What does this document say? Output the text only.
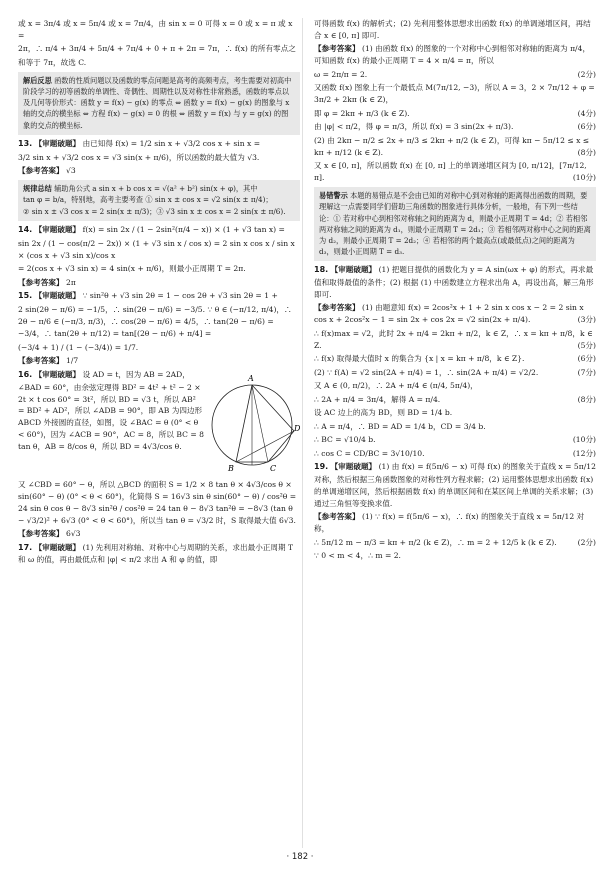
或 x = 3π/4 或 x = 5π/4 或 x = 7π/4，由 sin x = 0 可得 x = 0 或 x = π 或 x =

2π，∴ π/4 + 3π/4 + 5π/4 + 7π/4 + 0 + π + 2π = 7π，∴ f(x) 的所有零点之

和等于 7π，故选 C.

解后反思 函数的性质问题以及函数的零点问题是高考的高频考点，考生需要对初高中阶段学习的初等函数的单调性、奇偶性、周期性以及对称性非常熟悉，函数的零点以及几何等价形式：函数 y = f(x) − g(x) 的零点 ⇔ 函数 y = f(x) − g(x) 的图象与 x 轴的交点的横坐标 ⇔ 方程 f(x) − g(x) = 0 的根 ⇔ 函数 y = f(x) 与 y = g(x) 的图象的交点的横坐标.

13. 【审题破题】 由已知得 f(x) = 1/2 sin x + √3/2 cos x + sin x =

3/2 sin x + √3/2 cos x = √3 sin(x + π/6)，所以函数的最大值为 √3.

【参考答案】 √3

规律总结 辅助角公式 a sin x + b cos x = √(a² + b²) sin(x + φ)，其中
tan φ = b/a，特别地，高考主要考查 ① sin x ± cos x = √2 sin(x ± π/4)；
② sin x ± √3 cos x = 2 sin(x ± π/3)；③ √3 sin x ± cos x = 2 sin(x ± π/6).

14. 【审题破题】 f(x) = sin 2x / (1 − 2sin²(π/4 − x)) × (1 + √3 tan x) =

sin 2x / (1 − cos(π/2 − 2x)) × (1 + √3 sin x / cos x) = 2 sin x cos x / sin x × (cos x + √3 sin x)/cos x

= 2(cos x + √3 sin x) = 4 sin(x + π/6)，则最小正周期 T = 2π.

【参考答案】 2π

15. 【审题破题】 ∵ sin²θ + √3 sin 2θ = 1 − cos 2θ + √3 sin 2θ = 1 +

2 sin(2θ − π/6) = −1/5，∴ sin(2θ − π/6) = −3/5. ∵ θ ∈ (−π/12, π/4)，∴ 2θ − π/6 ∈ (−π/3, π/3)，∴ cos(2θ − π/6) = 4/5，∴ tan(2θ − π/6) = −3/4，∴ tan(2θ + π/12) = tan[(2θ − π/6) + π/4] =

(−3/4 + 1) / (1 − (−3/4)) = 1/7.

【参考答案】 1/7

A
B	C
D

16. 【审题破题】 设 AD = t，因为 AB = 2AD，∠BAD = 60°，由余弦定理得 BD² = 4t² + t² − 2 × 2t × t cos 60° = 3t²，所以 BD = √3 t，所以 AB² = BD² + AD²，所以 ∠ADB = 90°，即 AB 为四边形 ABCD 外接圆的直径，如图，设 ∠BAC = θ (0° < θ < 60°)，因为 ∠ACB = 90°，AC = 8，所以 BC = 8 tan θ，AB = 8/cos θ，所以 BD = 4√3/cos θ.

又 ∠CBD = 60° − θ，所以 △BCD 的面积 S = 1/2 × 8 tan θ × 4√3/cos θ × sin(60° − θ) (0° < θ < 60°)，化简得 S = 16√3 sin θ sin(60° − θ) / cos²θ = 24 sin θ cos θ − 8√3 sin²θ / cos²θ = 24 tan θ − 8√3 tan²θ = −8√3 (tan θ − √3/2)² + 6√3 (0° < θ < 60°)，所以当 tan θ = √3/2 时，S 取得最大值 6√3.

【参考答案】 6√3

17. 【审题破题】 (1) 先利用对称轴、对称中心与周期的关系，求出最小正周期 T 和 ω 的值，再由最低点和 |φ| < π/2 求出 A 和 φ 的值，即

可得函数 f(x) 的解析式；(2) 先利用整体思想求出函数 f(x) 的单调递增区间，再结合 x ∈ [0, π] 即可.

【参考答案】 (1) 由函数 f(x) 的图象的一个对称中心到相邻对称轴的距离为 π/4，可知函数 f(x) 的最小正周期 T = 4 × π/4 = π，所以

ω = 2π/π = 2.	(2分)

又函数 f(x) 图象上有一个最低点 M(7π/12, −3)，所以 A = 3，2 × 7π/12 + φ = 3π/2 + 2kπ (k ∈ Z)，

即 φ = 2kπ + π/3 (k ∈ Z).	(4分)

由 |φ| < π/2，得 φ = π/3，所以 f(x) = 3 sin(2x + π/3).	(6分)

(2) 由 2kπ − π/2 ≤ 2x + π/3 ≤ 2kπ + π/2 (k ∈ Z)，可得 kπ − 5π/12 ≤ x ≤ kπ + π/12 (k ∈ Z).	(8分)

又 x ∈ [0, π]，所以函数 f(x) 在 [0, π] 上的单调递增区间为 [0, π/12]，[7π/12, π].	(10分)

易错警示 本题的易错点是不会由已知的对称中心到对称轴的距离得出函数的周期，要理解这一点需要同学们借助三角函数的图象进行具体分析，一般地，有下列一些结论：① 若对称中心到相邻对称轴之间的距离为 d，则最小正周期 T = 4d；② 若相邻两对称轴之间的距离为 d₁，则最小正周期 T = 2d₁；③ 若相邻两对称中心之间的距离为 d₂，则最小正周期 T = 2d₂；④ 若相邻的两个最高点(或最低点)之间的距离为 d₃，则最小正周期 T = d₃.

18. 【审题破题】 (1) 把题目提供的函数化为 y = A sin(ωx + φ) 的形式，再求最值和取得最值的条件；(2) 根据 (1) 中函数建立方程求出角 A，再设出高，解三角形即可.

【参考答案】 (1) 由题意知 f(x) = 2cos²x + 1 + 2 sin x cos x − 2 = 2 sin x cos x + 2cos²x − 1 = sin 2x + cos 2x = √2 sin(2x + π/4).	(3分)

∴ f(x)max = √2，此时 2x + π/4 = 2kπ + π/2，k ∈ Z，∴ x = kπ + π/8，k ∈ Z.	(5分)

∴ f(x) 取得最大值时 x 的集合为 {x | x = kπ + π/8，k ∈ Z}.	(6分)

(2) ∵ f(A) = √2 sin(2A + π/4) = 1，∴ sin(2A + π/4) = √2/2.	(7分)

又 A ∈ (0, π/2)，∴ 2A + π/4 ∈ (π/4, 5π/4)，

∴ 2A + π/4 = 3π/4，解得 A = π/4.	(8分)

设 AC 边上的高为 BD，则 BD = 1/4 b.

∴ A = π/4，∴ BD = AD = 1/4 b，CD = 3/4 b.

∴ BC = √10/4 b.	(10分)

∴ cos C = CD/BC = 3√10/10.	(12分)

19. 【审题破题】 (1) 由 f(x) = f(5π/6 − x) 可得 f(x) 的图象关于直线 x = 5π/12 对称，然后根据三角函数图象的对称性列方程求解；(2) 运用整体思想求出函数 f(x) 的单调递增区间，然后根据函数 f(x) 的单调区间和在某区间上单调的关系求解；(3) 通过三角恒等变换求值.

【参考答案】 (1) ∵ f(x) = f(5π/6 − x)，∴ f(x) 的图象关于直线 x = 5π/12 对称，

∴ 5π/12 m − π/3 = kπ + π/2 (k ∈ Z)，∴ m = 2 + 12/5 k (k ∈ Z).	(2分)

∵ 0 < m < 4，∴ m = 2.

· 182 ·
